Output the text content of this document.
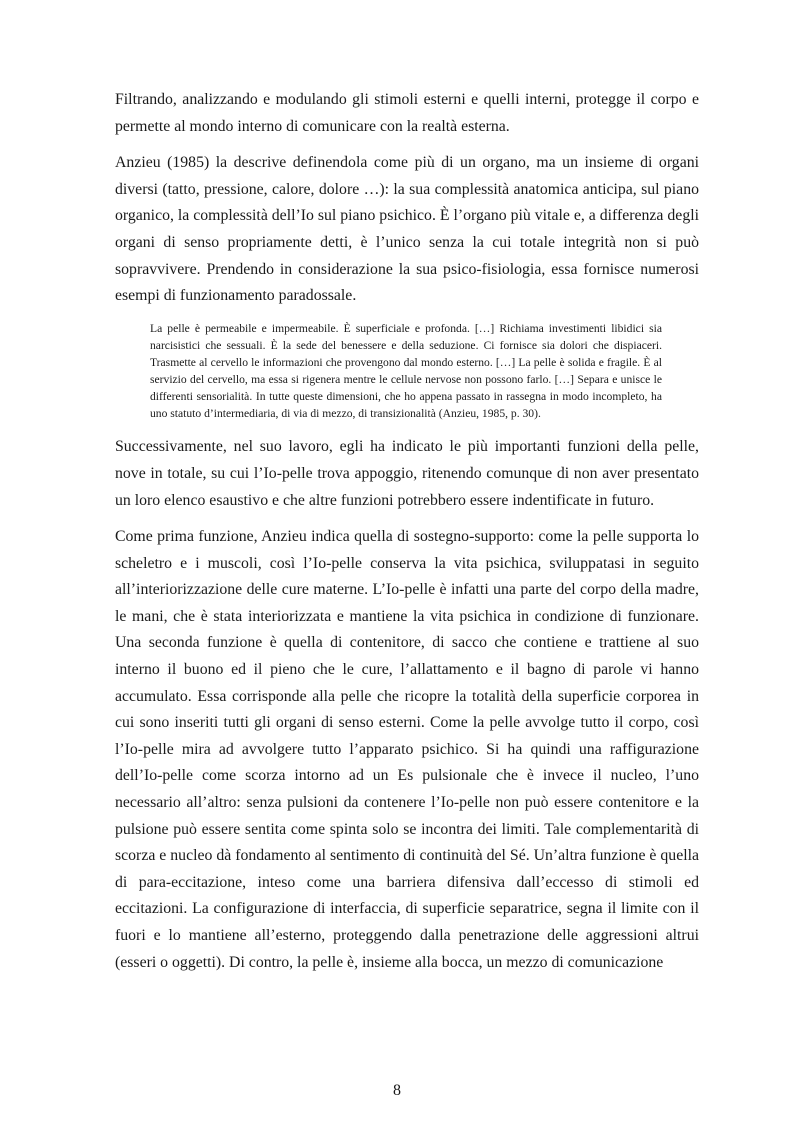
Filtrando, analizzando e modulando gli stimoli esterni e quelli interni, protegge il corpo e permette al mondo interno di comunicare con la realtà esterna.

Anzieu (1985) la descrive definendola come più di un organo, ma un insieme di organi diversi (tatto, pressione, calore, dolore …): la sua complessità anatomica anticipa, sul piano organico, la complessità dell’Io sul piano psichico. È l’organo più vitale e, a differenza degli organi di senso propriamente detti, è l’unico senza la cui totale integrità non si può sopravvivere. Prendendo in considerazione la sua psico-fisiologia, essa fornisce numerosi esempi di funzionamento paradossale.

La pelle è permeabile e impermeabile. È superficiale e profonda. […] Richiama investimenti libidici sia narcisistici che sessuali. È la sede del benessere e della seduzione. Ci fornisce sia dolori che dispiaceri. Trasmette al cervello le informazioni che provengono dal mondo esterno. […] La pelle è solida e fragile. È al servizio del cervello, ma essa si rigenera mentre le cellule nervose non possono farlo. […] Separa e unisce le differenti sensorialità. In tutte queste dimensioni, che ho appena passato in rassegna in modo incompleto, ha uno statuto d’intermediaria, di via di mezzo, di transizionalità (Anzieu, 1985, p. 30).

Successivamente, nel suo lavoro, egli ha indicato le più importanti funzioni della pelle, nove in totale, su cui l’Io-pelle trova appoggio, ritenendo comunque di non aver presentato un loro elenco esaustivo e che altre funzioni potrebbero essere indentificate in futuro.

Come prima funzione, Anzieu indica quella di sostegno-supporto: come la pelle supporta lo scheletro e i muscoli, così l’Io-pelle conserva la vita psichica, sviluppatasi in seguito all’interiorizzazione delle cure materne. L’Io-pelle è infatti una parte del corpo della madre, le mani, che è stata interiorizzata e mantiene la vita psichica in condizione di funzionare. Una seconda funzione è quella di contenitore, di sacco che contiene e trattiene al suo interno il buono ed il pieno che le cure, l’allattamento e il bagno di parole vi hanno accumulato. Essa corrisponde alla pelle che ricopre la totalità della superficie corporea in cui sono inseriti tutti gli organi di senso esterni. Come la pelle avvolge tutto il corpo, così l’Io-pelle mira ad avvolgere tutto l’apparato psichico. Si ha quindi una raffigurazione dell’Io-pelle come scorza intorno ad un Es pulsionale che è invece il nucleo, l’uno necessario all’altro: senza pulsioni da contenere l’Io-pelle non può essere contenitore e la pulsione può essere sentita come spinta solo se incontra dei limiti. Tale complementarità di scorza e nucleo dà fondamento al sentimento di continuità del Sé. Un’altra funzione è quella di para-eccitazione, inteso come una barriera difensiva dall’eccesso di stimoli ed eccitazioni. La configurazione di interfaccia, di superficie separatrice, segna il limite con il fuori e lo mantiene all’esterno, proteggendo dalla penetrazione delle aggressioni altrui (esseri o oggetti). Di contro, la pelle è, insieme alla bocca, un mezzo di comunicazione

8
